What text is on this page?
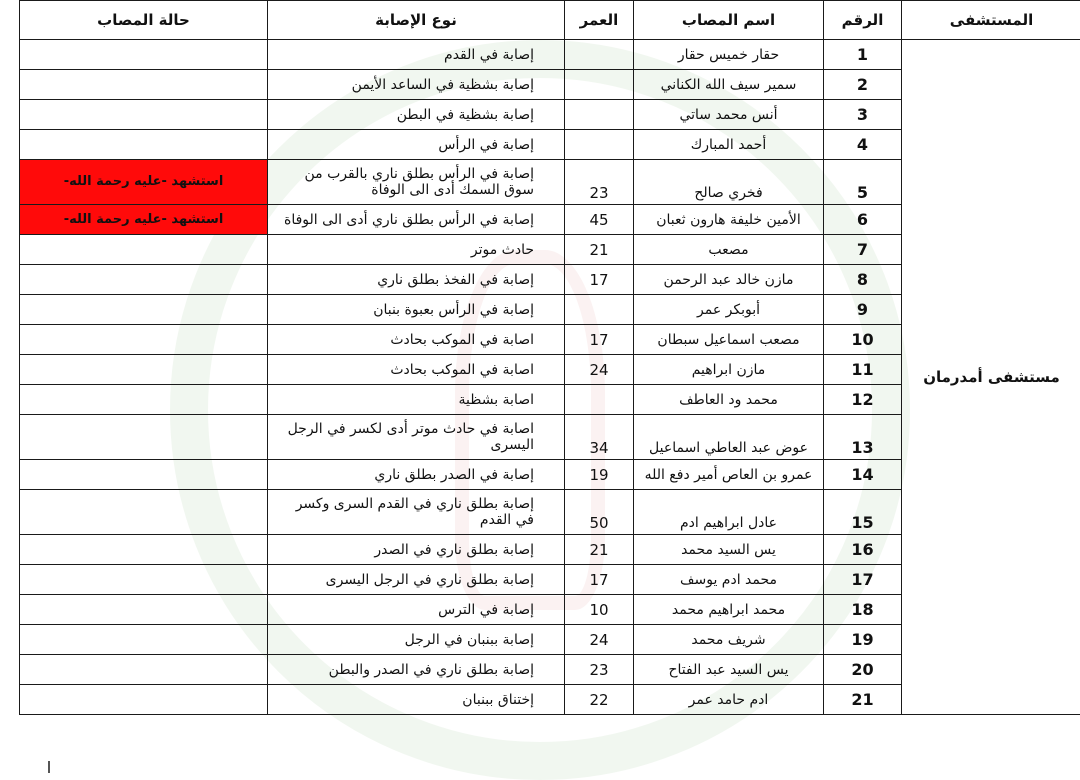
المستشفى	الرقم	اسم المصاب	العمر	نوع الإصابة	حالة المصاب
مستشفى أمدرمان	1	حقار خميس حقار		إصابة في القدم	
	2	سمير سيف الله الكناني		إصابة بشظية في الساعد الأيمن	
	3	أنس محمد ساتي		إصابة بشظية في البطن	
	4	أحمد المبارك		إصابة في الرأس	
	5	فخري صالح	23	إصابة في الرأس بطلق ناري بالقرب من سوق السمك أدى الى الوفاة	استشهد -عليه رحمة الله-
	6	الأمين خليفة هارون ثعبان	45	إصابة في الرأس بطلق ناري أدى الى الوفاة	استشهد -عليه رحمة الله-
	7	مصعب	21	حادث موتر	
	8	مازن خالد عبد الرحمن	17	إصابة في الفخذ بطلق ناري	
	9	أبوبكر عمر		إصابة في الرأس بعبوة بنبان	
	10	مصعب اسماعيل سبطان	17	اصابة في الموكب بحادث	
	11	مازن ابراهيم	24	اصابة في الموكب بحادث	
	12	محمد ود العاطف		اصابة بشظية	
	13	عوض عبد العاطي اسماعيل	34	اصابة في حادث موتر أدى لكسر في الرجل اليسرى	
	14	عمرو بن العاص أمير دفع الله	19	إصابة في الصدر بطلق ناري	
	15	عادل ابراهيم ادم	50	إصابة بطلق ناري في القدم السرى وكسر في القدم	
	16	يس السيد محمد	21	إصابة بطلق ناري في الصدر	
	17	محمد ادم يوسف	17	إصابة بطلق ناري في الرجل اليسرى	
	18	محمد ابراهيم محمد	10	إصابة في الترس	
	19	شريف محمد	24	إصابة ببنبان في الرجل	
	20	يس السيد عبد الفتاح	23	إصابة بطلق ناري في الصدر والبطن	
	21	ادم حامد عمر	22	إختناق ببنبان	
